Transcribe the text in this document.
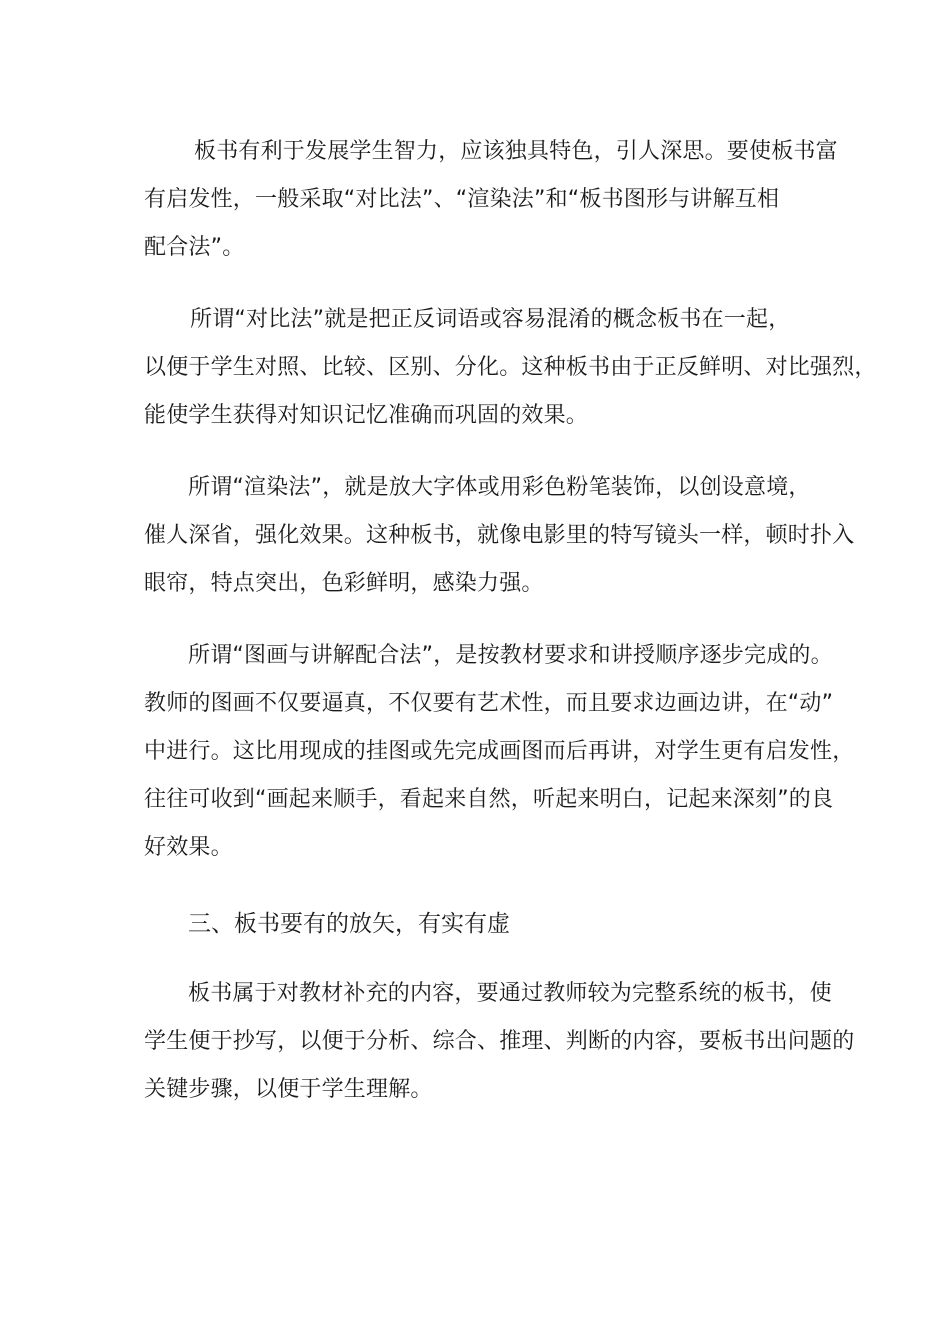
板书有利于发展学生智力，应该独具特色，引人深思。要使板书富
有启发性，一般采取“对比法”、“渲染法”和“板书图形与讲解互相
配合法”。
所谓“对比法”就是把正反词语或容易混淆的概念板书在一起，
以便于学生对照、比较、区别、分化。这种板书由于正反鲜明、对比强烈，
能使学生获得对知识记忆准确而巩固的效果。
所谓“渲染法”，就是放大字体或用彩色粉笔装饰，以创设意境，
催人深省，强化效果。这种板书，就像电影里的特写镜头一样，顿时扑入
眼帘，特点突出，色彩鲜明，感染力强。
所谓“图画与讲解配合法”，是按教材要求和讲授顺序逐步完成的。
教师的图画不仅要逼真，不仅要有艺术性，而且要求边画边讲，在“动”
中进行。这比用现成的挂图或先完成画图而后再讲，对学生更有启发性，
往往可收到“画起来顺手，看起来自然，听起来明白，记起来深刻”的良
好效果。
三、板书要有的放矢，有实有虚
板书属于对教材补充的内容，要通过教师较为完整系统的板书，使
学生便于抄写，以便于分析、综合、推理、判断的内容，要板书出问题的
关键步骤，以便于学生理解。
